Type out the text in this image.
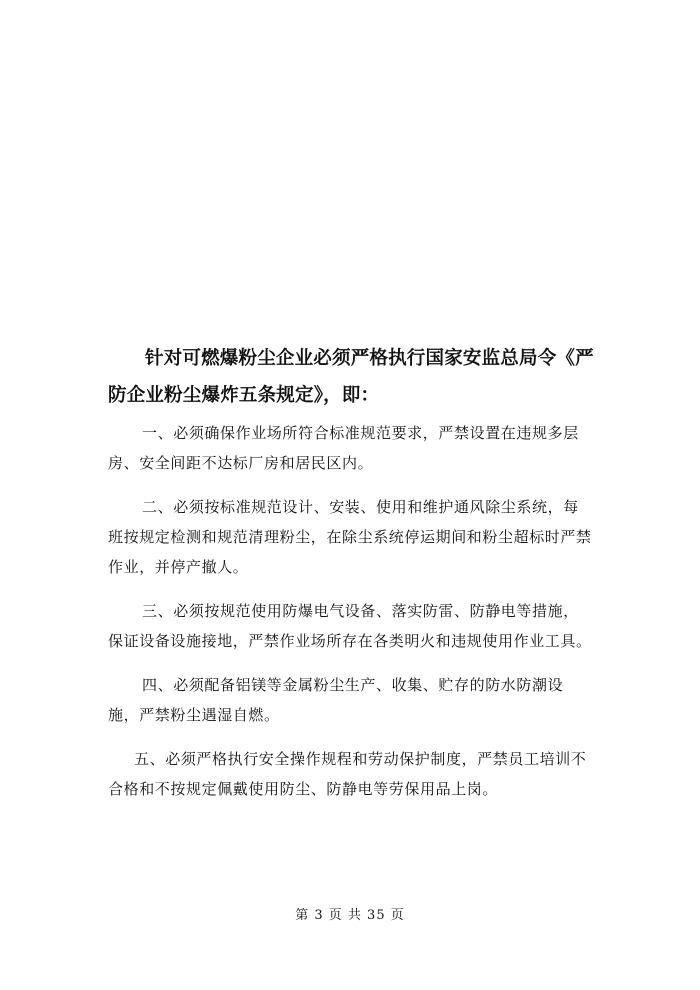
针对可燃爆粉尘企业必须严格执行国家安监总局令《严防企业粉尘爆炸五条规定》，即：

一、必须确保作业场所符合标准规范要求，严禁设置在违规多层房、安全间距不达标厂房和居民区内。

二、必须按标准规范设计、安装、使用和维护通风除尘系统，每班按规定检测和规范清理粉尘，在除尘系统停运期间和粉尘超标时严禁作业，并停产撤人。

三、必须按规范使用防爆电气设备、落实防雷、防静电等措施，保证设备设施接地，严禁作业场所存在各类明火和违规使用作业工具。

四、必须配备铝镁等金属粉尘生产、收集、贮存的防水防潮设施，严禁粉尘遇湿自燃。

五、必须严格执行安全操作规程和劳动保护制度，严禁员工培训不合格和不按规定佩戴使用防尘、防静电等劳保用品上岗。

第 3 页 共 35 页
